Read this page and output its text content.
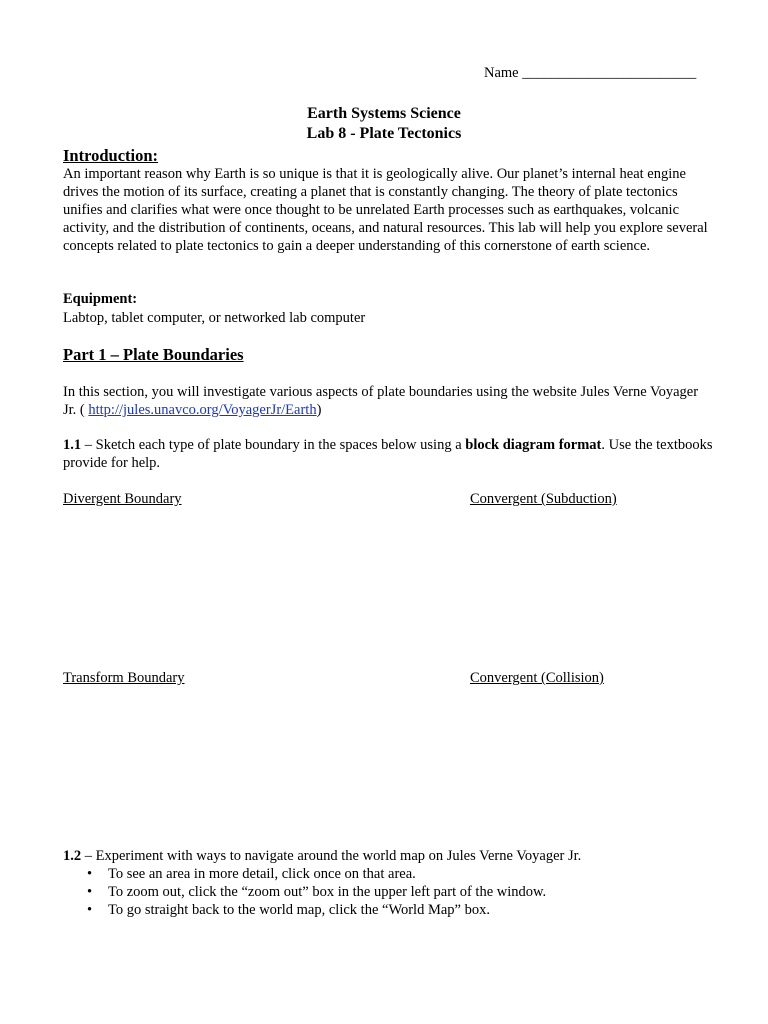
Name ________________________
Earth Systems Science
Lab 8 - Plate Tectonics
Introduction:
An important reason why Earth is so unique is that it is geologically alive. Our planet’s internal heat engine drives the motion of its surface, creating a planet that is constantly changing. The theory of plate tectonics unifies and clarifies what were once thought to be unrelated Earth processes such as earthquakes, volcanic activity, and the distribution of continents, oceans, and natural resources. This lab will help you explore several concepts related to plate tectonics to gain a deeper understanding of this cornerstone of earth science.
Equipment:
Labtop, tablet computer, or networked lab computer
Part 1 – Plate Boundaries
In this section, you will investigate various aspects of plate boundaries using the website Jules Verne Voyager Jr. ( http://jules.unavco.org/VoyagerJr/Earth)
1.1 – Sketch each type of plate boundary in the spaces below using a block diagram format. Use the textbooks provide for help.
Divergent Boundary	Convergent (Subduction)
Transform Boundary	Convergent (Collision)
1.2 – Experiment with ways to navigate around the world map on Jules Verne Voyager Jr.
• To see an area in more detail, click once on that area.
• To zoom out, click the “zoom out” box in the upper left part of the window.
• To go straight back to the world map, click the “World Map” box.
